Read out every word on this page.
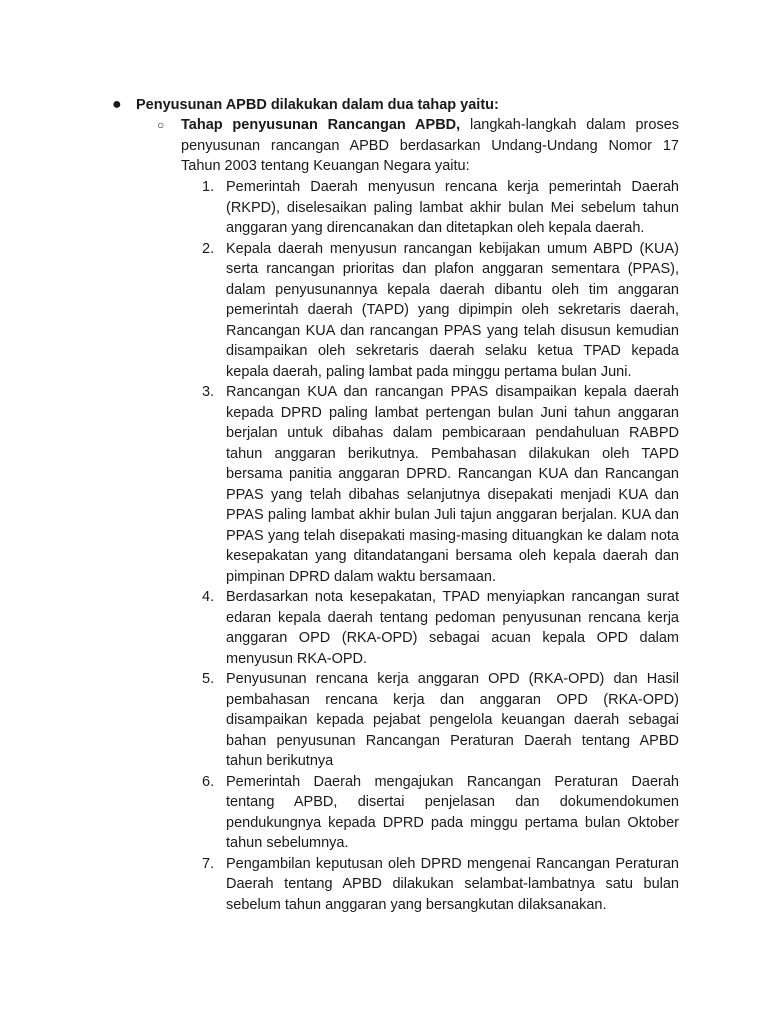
● Penyusunan APBD dilakukan dalam dua tahap yaitu:
○	Tahap penyusunan Rancangan APBD, langkah-langkah dalam proses penyusunan rancangan APBD berdasarkan Undang-Undang Nomor 17 Tahun 2003 tentang Keuangan Negara yaitu:
1. Pemerintah Daerah menyusun rencana kerja pemerintah Daerah (RKPD), diselesaikan paling lambat akhir bulan Mei sebelum tahun anggaran yang direncanakan dan ditetapkan oleh kepala daerah.
2. Kepala daerah menyusun rancangan kebijakan umum ABPD (KUA) serta rancangan prioritas dan plafon anggaran sementara (PPAS), dalam penyusunannya kepala daerah dibantu oleh tim anggaran pemerintah daerah (TAPD) yang dipimpin oleh sekretaris daerah, Rancangan KUA dan rancangan PPAS yang telah disusun kemudian disampaikan oleh sekretaris daerah selaku ketua TPAD kepada kepala daerah, paling lambat pada minggu pertama bulan Juni.
3. Rancangan KUA dan rancangan PPAS disampaikan kepala daerah kepada DPRD paling lambat pertengan bulan Juni tahun anggaran berjalan untuk dibahas dalam pembicaraan pendahuluan RABPD tahun anggaran berikutnya. Pembahasan dilakukan oleh TAPD bersama panitia anggaran DPRD. Rancangan KUA dan Rancangan PPAS yang telah dibahas selanjutnya disepakati menjadi KUA dan PPAS paling lambat akhir bulan Juli tajun anggaran berjalan. KUA dan PPAS yang telah disepakati masing-masing dituangkan ke dalam nota kesepakatan yang ditandatangani bersama oleh kepala daerah dan pimpinan DPRD dalam waktu bersamaan.
4. Berdasarkan nota kesepakatan, TPAD menyiapkan rancangan surat edaran kepala daerah tentang pedoman penyusunan rencana kerja anggaran OPD (RKA-OPD) sebagai acuan kepala OPD dalam menyusun RKA-OPD.
5. Penyusunan rencana kerja anggaran OPD (RKA-OPD) dan Hasil pembahasan rencana kerja dan anggaran OPD (RKA-OPD) disampaikan kepada pejabat pengelola keuangan daerah sebagai bahan penyusunan Rancangan Peraturan Daerah tentang APBD tahun berikutnya
6. Pemerintah Daerah mengajukan Rancangan Peraturan Daerah tentang APBD, disertai penjelasan dan dokumendokumen pendukungnya kepada DPRD pada minggu pertama bulan Oktober tahun sebelumnya.
7. Pengambilan keputusan oleh DPRD mengenai Rancangan Peraturan Daerah tentang APBD dilakukan selambat-lambatnya satu bulan sebelum tahun anggaran yang bersangkutan dilaksanakan.
